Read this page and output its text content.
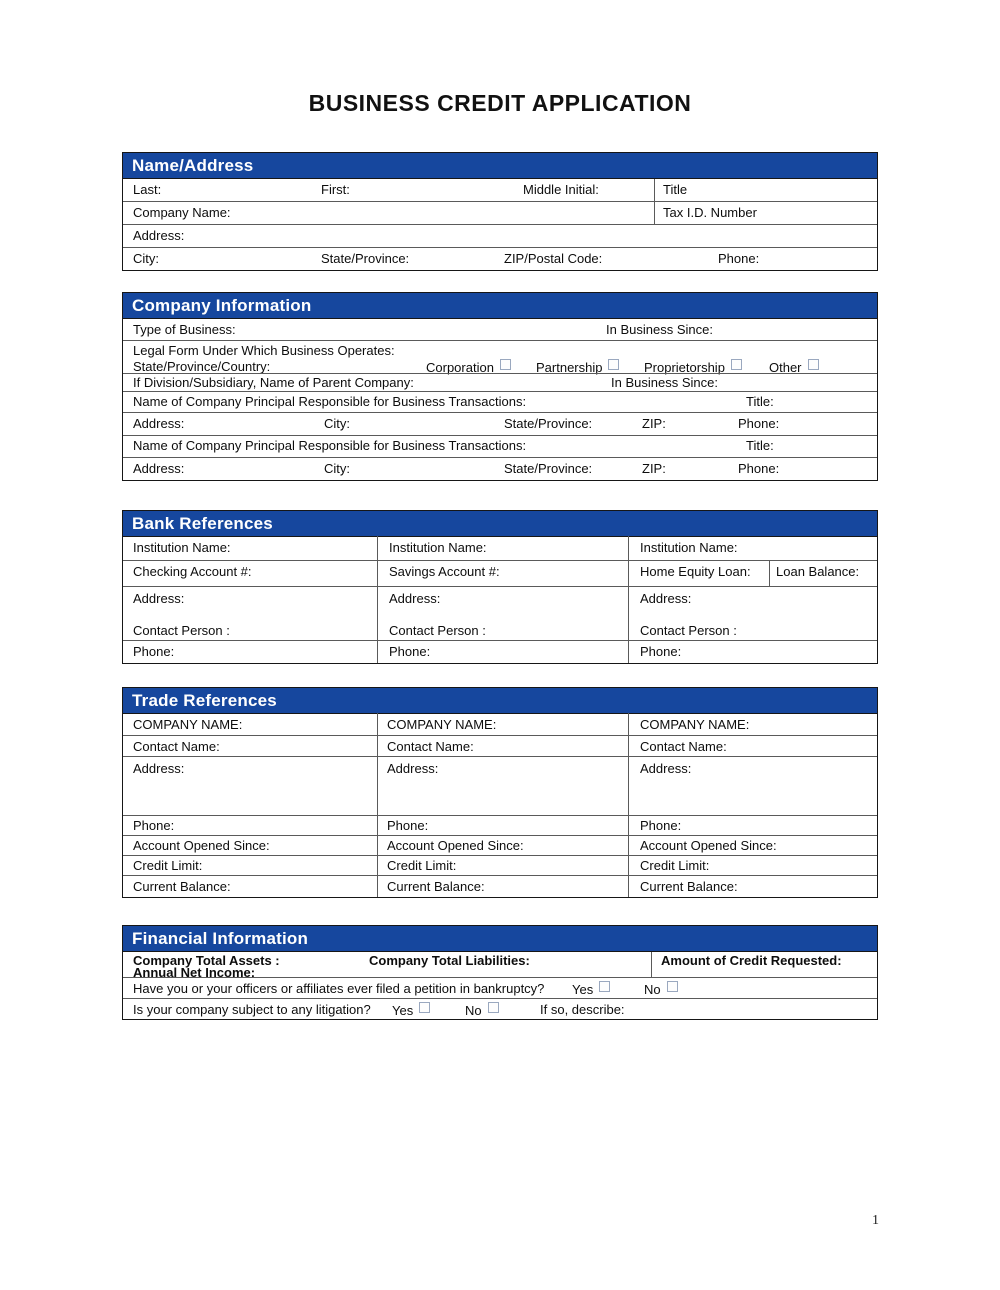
BUSINESS CREDIT APPLICATION
Name/Address
Last:	First:	Middle Initial:	Title
Company Name:	Tax I.D. Number
Address:
City:	State/Province:	ZIP/Postal Code:	Phone:
Company Information
Type of Business:	In Business Since:
Legal Form Under Which Business Operates:
State/Province/Country:	Corporation	Partnership	Proprietorship	Other
If Division/Subsidiary, Name of Parent Company:	In Business Since:
Name of Company Principal Responsible for Business Transactions:	Title:
Address:	City:	State/Province:	ZIP:	Phone:
Name of Company Principal Responsible for Business Transactions:	Title:
Address:	City:	State/Province:	ZIP:	Phone:
Bank References
Institution Name:	Institution Name:	Institution Name:
Checking Account #:	Savings Account #:	Home Equity Loan: Loan Balance:
Address:	Address:	Address:
Contact Person :	Contact Person :	Contact Person :
Phone:	Phone:	Phone:
Trade References
COMPANY NAME:	COMPANY NAME:	COMPANY NAME:
Contact Name:	Contact Name:	Contact Name:
Address:	Address:	Address:
Phone:	Phone:	Phone:
Account Opened Since:	Account Opened Since:	Account Opened Since:
Credit Limit:	Credit Limit:	Credit Limit:
Current Balance:	Current Balance:	Current Balance:
Financial Information
Company Total Assets :	Company Total Liabilities:	Amount of Credit Requested:
Annual Net Income:
Have you or your officers or affiliates ever filed a petition in bankruptcy? Yes	No
Is your company subject to any litigation? Yes	No	If so, describe:
1
